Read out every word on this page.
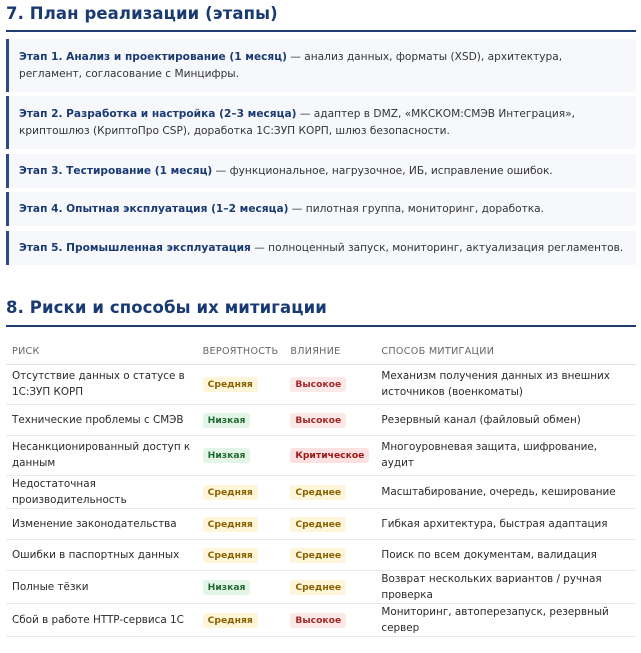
7. План реализации (этапы)
Этап 1. Анализ и проектирование (1 месяц) — анализ данных, форматы (XSD), архитектура, регламент, согласование с Минцифры.
Этап 2. Разработка и настройка (2–3 месяца) — адаптер в DMZ, «МКСКОМ:СМЭВ Интеграция», криптошлюз (КриптоПро CSP), доработка 1С:ЗУП КОРП, шлюз безопасности.
Этап 3. Тестирование (1 месяц) — функциональное, нагрузочное, ИБ, исправление ошибок.
Этап 4. Опытная эксплуатация (1–2 месяца) — пилотная группа, мониторинг, доработка.
Этап 5. Промышленная эксплуатация — полноценный запуск, мониторинг, актуализация регламентов.
8. Риски и способы их митигации
РИСК	ВЕРОЯТНОСТЬ	ВЛИЯНИЕ	СПОСОБ МИТИГАЦИИ
Отсутствие данных о статусе в 1С:ЗУП КОРП	Средняя	Высокое	Механизм получения данных из внешних источников (военкоматы)
Технические проблемы с СМЭВ	Низкая	Высокое	Резервный канал (файловый обмен)
Несанкционированный доступ к данным	Низкая	Критическое	Многоуровневая защита, шифрование, аудит
Недостаточная производительность	Средняя	Среднее	Масштабирование, очередь, кеширование
Изменение законодательства	Средняя	Среднее	Гибкая архитектура, быстрая адаптация
Ошибки в паспортных данных	Средняя	Среднее	Поиск по всем документам, валидация
Полные тёзки	Низкая	Среднее	Возврат нескольких вариантов / ручная проверка
Сбой в работе HTTP-сервиса 1С	Средняя	Высокое	Мониторинг, автоперезапуск, резервный сервер
